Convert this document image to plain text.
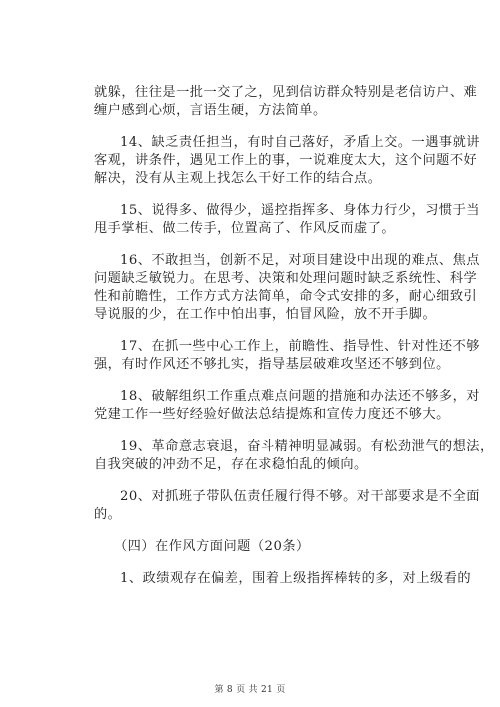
就躲，往往是一批一交了之，见到信访群众特别是老信访户、难

缠户感到心烦，言语生硬，方法简单。

14、缺乏责任担当，有时自己落好，矛盾上交。一遇事就讲

客观，讲条件，遇见工作上的事，一说难度太大，这个问题不好

解决，没有从主观上找怎么干好工作的结合点。

15、说得多、做得少，遥控指挥多、身体力行少，习惯于当

甩手掌柜、做二传手，位置高了、作风反而虚了。

16、不敢担当，创新不足，对项目建设中出现的难点、焦点

问题缺乏敏锐力。在思考、决策和处理问题时缺乏系统性、科学

性和前瞻性，工作方式方法简单，命令式安排的多，耐心细致引

导说服的少，在工作中怕出事，怕冒风险，放不开手脚。

17、在抓一些中心工作上，前瞻性、指导性、针对性还不够

强，有时作风还不够扎实，指导基层破难攻坚还不够到位。

18、破解组织工作重点难点问题的措施和办法还不够多，对

党建工作一些好经验好做法总结提炼和宣传力度还不够大。

19、革命意志衰退，奋斗精神明显减弱。有松劲泄气的想法，

自我突破的冲劲不足，存在求稳怕乱的倾向。

20、对抓班子带队伍责任履行得不够。对干部要求是不全面

的。

（四）在作风方面问题（20条）

1、政绩观存在偏差，围着上级指挥棒转的多，对上级看的

第 8 页 共 21 页
